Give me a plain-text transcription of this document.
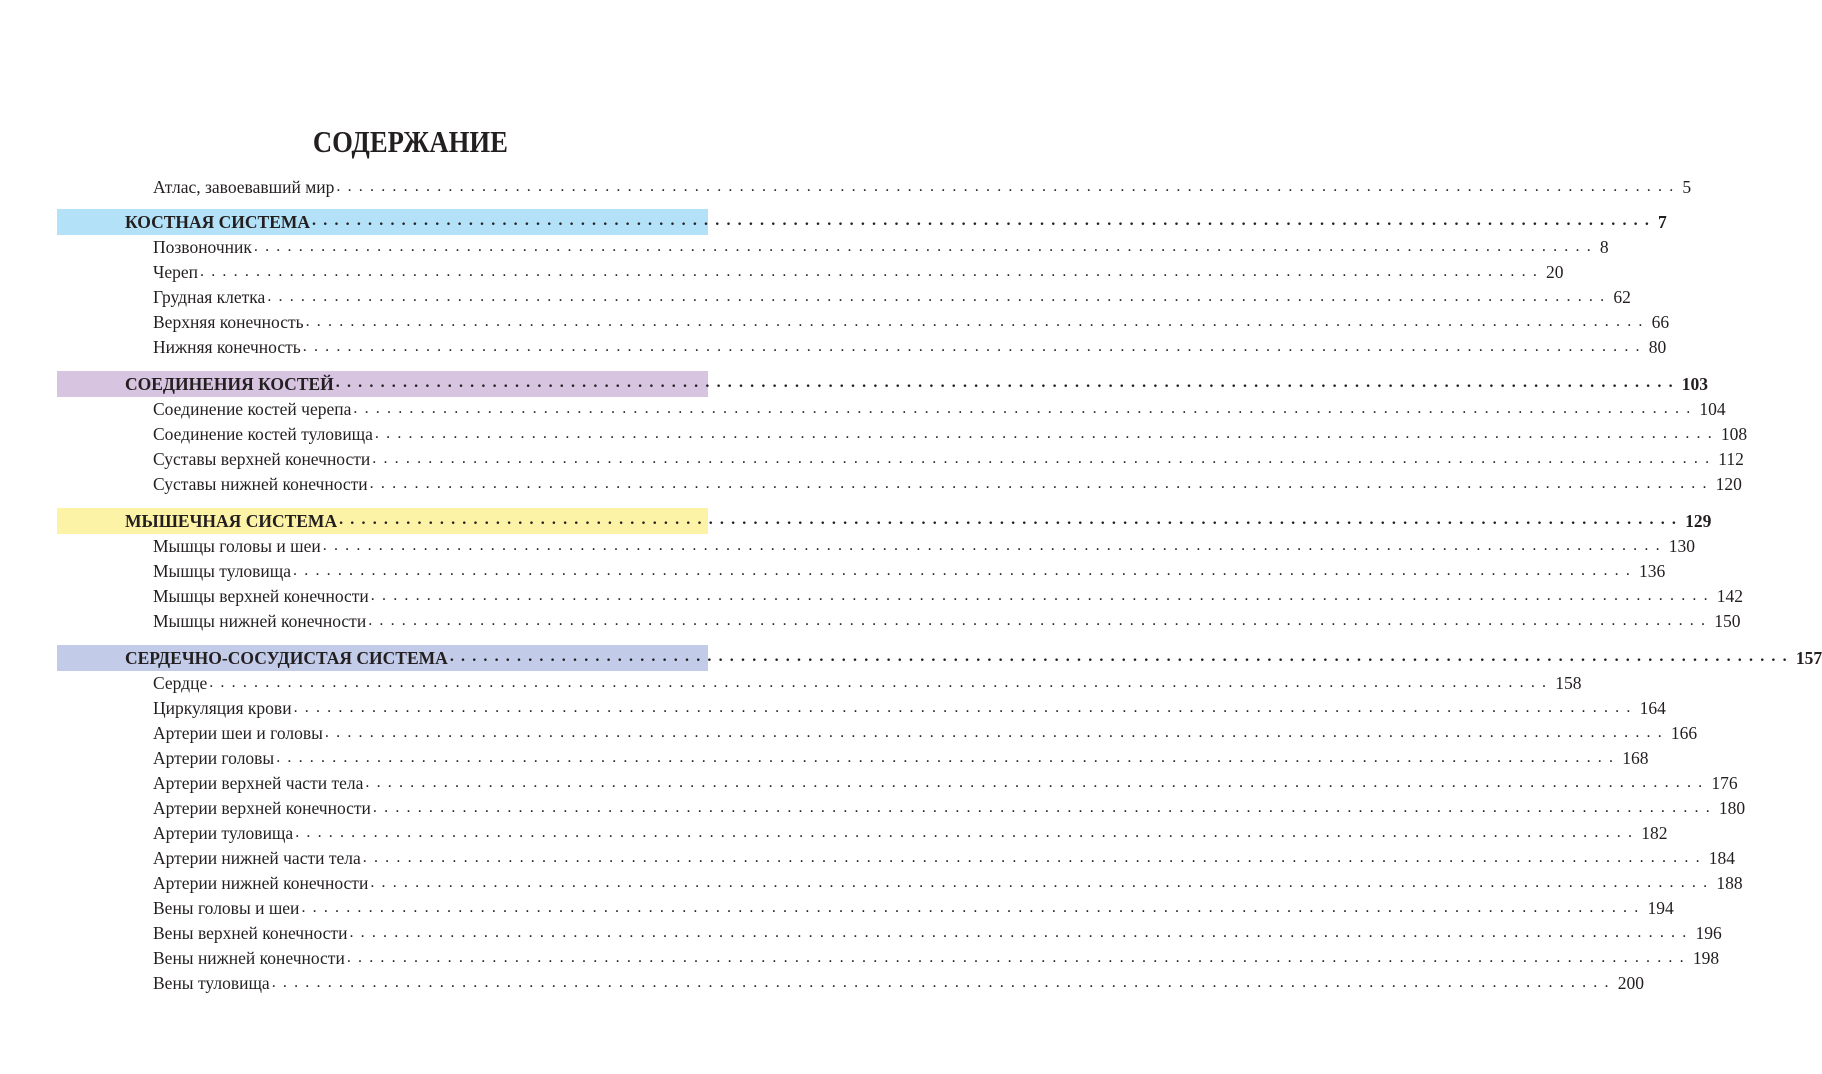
СОДЕРЖАНИЕ
Атлас, завоевавший мир ........................................................................................................................ 5
КОСТНАЯ СИСТЕМА ........................................................................................................................ 7
Позвоночник ........................................................................................................................ 8
Череп ........................................................................................................................ 20
Грудная клетка ........................................................................................................................ 62
Верхняя конечность ........................................................................................................................ 66
Нижняя конечность ........................................................................................................................ 80
СОЕДИНЕНИЯ КОСТЕЙ ........................................................................................................................ 103
Соединение костей черепа ........................................................................................................................ 104
Соединение костей туловища ........................................................................................................................ 108
Суставы верхней конечности ........................................................................................................................ 112
Суставы нижней конечности ........................................................................................................................ 120
МЫШЕЧНАЯ СИСТЕМА ........................................................................................................................ 129
Мышцы головы и шеи ........................................................................................................................ 130
Мышцы туловища ........................................................................................................................ 136
Мышцы верхней конечности ........................................................................................................................ 142
Мышцы нижней конечности ........................................................................................................................ 150
СЕРДЕЧНО-СОСУДИСТАЯ СИСТЕМА ........................................................................................................................ 157
Сердце ........................................................................................................................ 158
Циркуляция крови ........................................................................................................................ 164
Артерии шеи и головы ........................................................................................................................ 166
Артерии головы ........................................................................................................................ 168
Артерии верхней части тела ........................................................................................................................ 176
Артерии верхней конечности ........................................................................................................................ 180
Артерии туловища ........................................................................................................................ 182
Артерии нижней части тела ........................................................................................................................ 184
Артерии нижней конечности ........................................................................................................................ 188
Вены головы и шеи ........................................................................................................................ 194
Вены верхней конечности ........................................................................................................................ 196
Вены нижней конечности ........................................................................................................................ 198
Вены туловища ........................................................................................................................ 200
